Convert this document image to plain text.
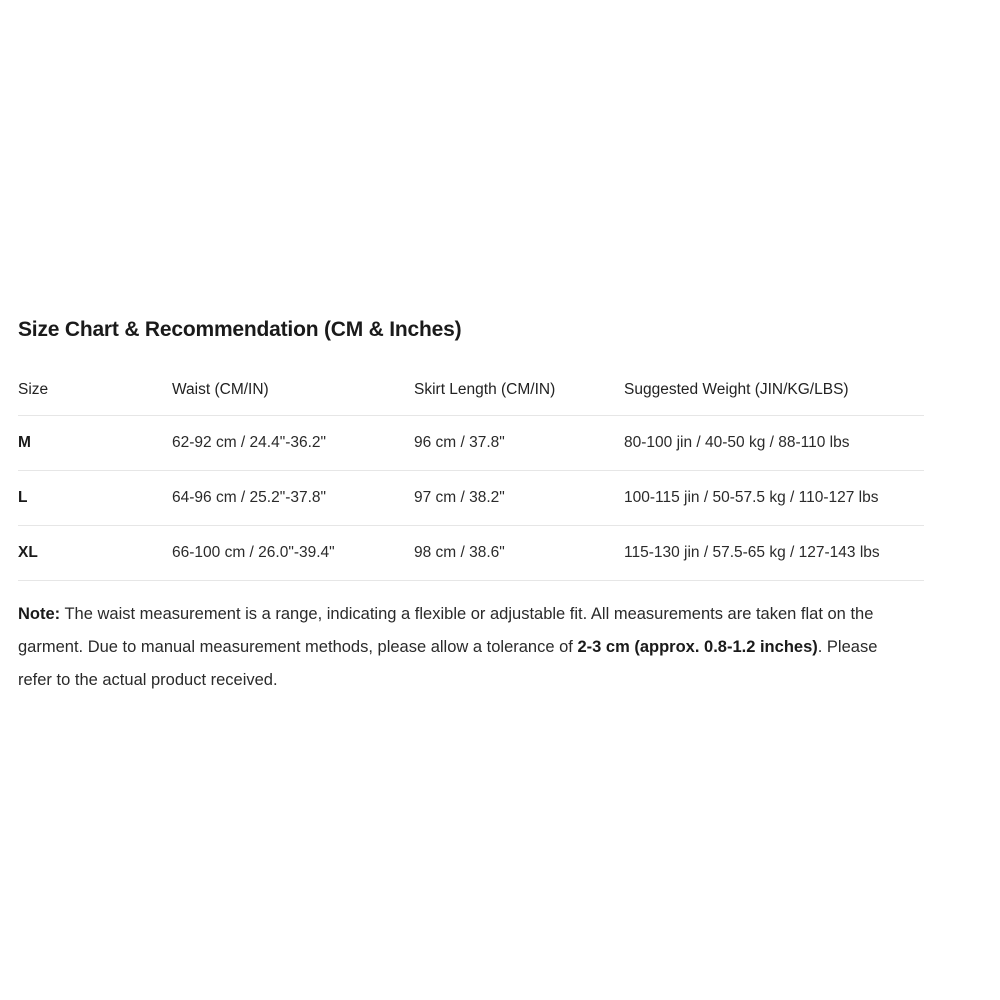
Size Chart & Recommendation (CM & Inches)
Size	Waist (CM/IN)	Skirt Length (CM/IN)	Suggested Weight (JIN/KG/LBS)
M	62-92 cm / 24.4"-36.2"	96 cm / 37.8"	80-100 jin / 40-50 kg / 88-110 lbs
L	64-96 cm / 25.2"-37.8"	97 cm / 38.2"	100-115 jin / 50-57.5 kg / 110-127 lbs
XL	66-100 cm / 26.0"-39.4"	98 cm / 38.6"	115-130 jin / 57.5-65 kg / 127-143 lbs

Note: The waist measurement is a range, indicating a flexible or adjustable fit. All measurements are taken flat on the garment. Due to manual measurement methods, please allow a tolerance of 2-3 cm (approx. 0.8-1.2 inches). Please refer to the actual product received.
